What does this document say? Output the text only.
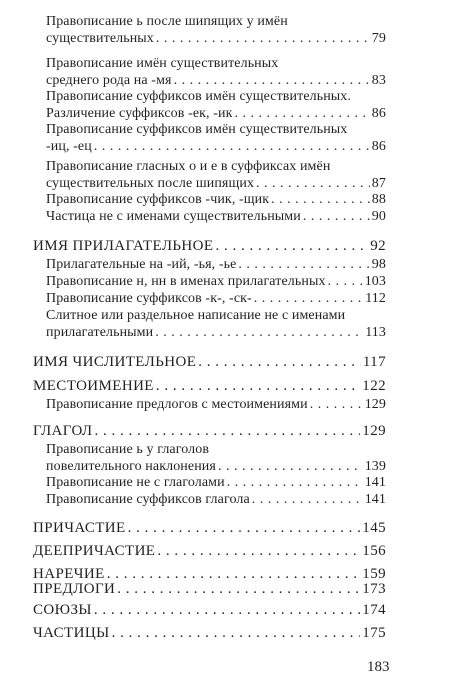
Правописание ь после шипящих у имён
существительных . . .	79
Правописание имён существительных
среднего рода на -мя . . .	83
Правописание суффиксов имён существительных.
Различение суффиксов -ек, -ик . . .	86
Правописание суффиксов имён существительных
-иц, -ец . . .	86
Правописание гласных о и е в суффиксах имён
существительных после шипящих . . .	87
Правописание суффиксов -чик, -щик . . .	88
Частица не с именами существительными . . .	90
ИМЯ ПРИЛАГАТЕЛЬНОЕ . . .	92
Прилагательные на -ий, -ья, -ье . . .	98
Правописание н, нн в именах прилагательных . . .	103
Правописание суффиксов -к-, -ск- . . .	112
Слитное или раздельное написание не с именами
прилагательными . . .	113
ИМЯ ЧИСЛИТЕЛЬНОЕ . . .	117
МЕСТОИМЕНИЕ . . .	122
Правописание предлогов с местоимениями . . .	129
ГЛАГОЛ . . .	129
Правописание ь у глаголов
повелительного наклонения . . .	139
Правописание не с глаголами . . .	141
Правописание суффиксов глагола . . .	141
ПРИЧАСТИЕ . . .	145
ДЕЕПРИЧАСТИЕ . . .	156
НАРЕЧИЕ . . .	159
ПРЕДЛОГИ . . .	173
СОЮЗЫ . . .	174
ЧАСТИЦЫ . . .	175
183
